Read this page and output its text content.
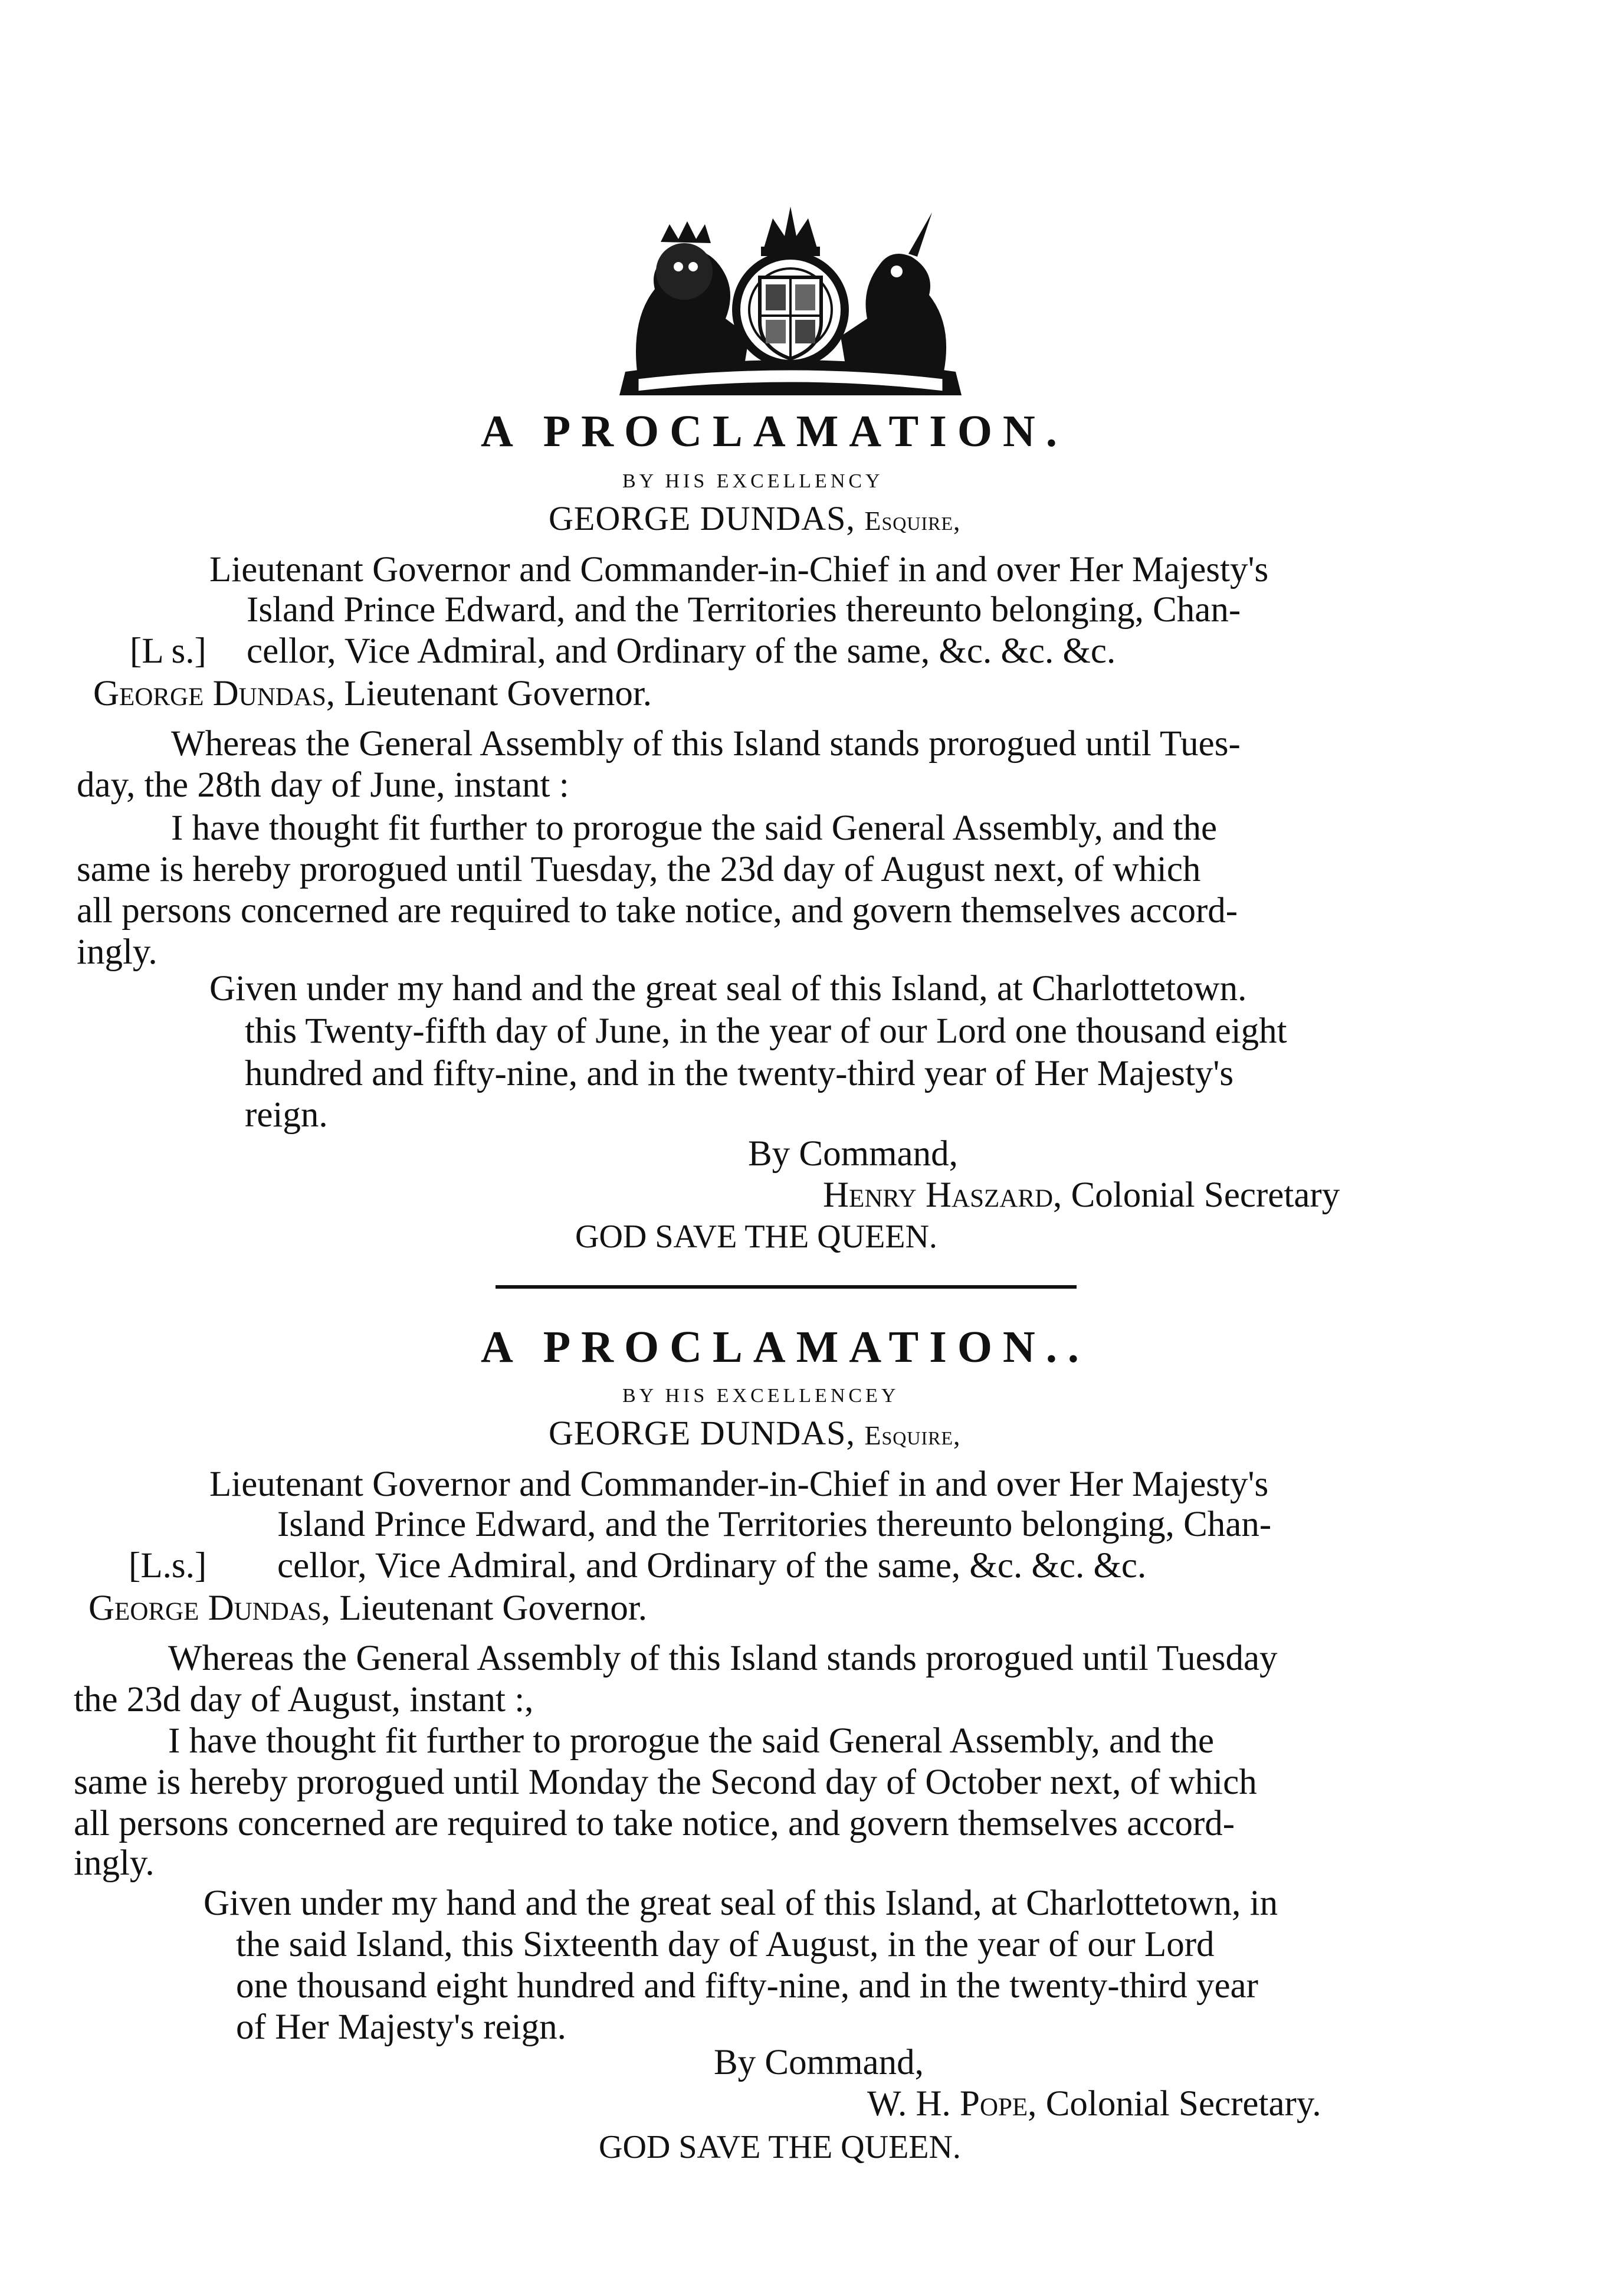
A PROCLAMATION.
BY HIS EXCELLENCY
GEORGE DUNDAS, Esquire,
Lieutenant Governor and Commander-in-Chief in and over Her Majesty's
Island Prince Edward, and the Territories thereunto belonging, Chan-
[L s.] cellor, Vice Admiral, and Ordinary of the same, &c. &c. &c.
George Dundas, Lieutenant Governor.
Whereas the General Assembly of this Island stands prorogued until Tues-
day, the 28th day of June, instant :
I have thought fit further to prorogue the said General Assembly, and the
same is hereby prorogued until Tuesday, the 23d day of August next, of which
all persons concerned are required to take notice, and govern themselves accord-
ingly.
Given under my hand and the great seal of this Island, at Charlottetown.
this Twenty-fifth day of June, in the year of our Lord one thousand eight
hundred and fifty-nine, and in the twenty-third year of Her Majesty's
reign.
By Command,
Henry Haszard, Colonial Secretary
GOD SAVE THE QUEEN.
A PROCLAMATION..
BY HIS EXCELLENCEY
GEORGE DUNDAS, Esquire,
Lieutenant Governor and Commander-in-Chief in and over Her Majesty's
Island Prince Edward, and the Territories thereunto belonging, Chan-
[L.s.] cellor, Vice Admiral, and Ordinary of the same, &c. &c. &c.
George Dundas, Lieutenant Governor.
Whereas the General Assembly of this Island stands prorogued until Tuesday
the 23d day of August, instant :,
I have thought fit further to prorogue the said General Assembly, and the
same is hereby prorogued until Monday the Second day of October next, of which
all persons concerned are required to take notice, and govern themselves accord-
ingly.
Given under my hand and the great seal of this Island, at Charlottetown, in
the said Island, this Sixteenth day of August, in the year of our Lord
one thousand eight hundred and fifty-nine, and in the twenty-third year
of Her Majesty's reign.
By Command,
W. H. Pope, Colonial Secretary.
GOD SAVE THE QUEEN.
